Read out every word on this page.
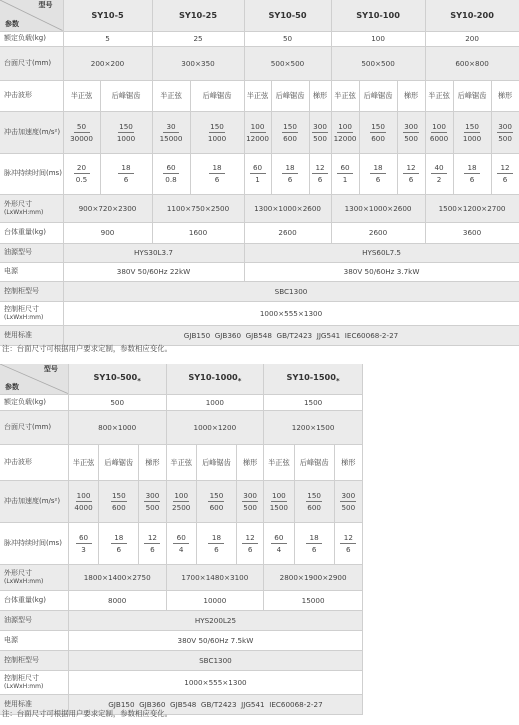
型号
参数	SY10-5		SY10-25		SY10-50			SY10-100			SY10-200		
额定负载(kg)	5		25		50			100			200		
台面尺寸(mm)	200×200		300×350		500×500			500×500			600×800		
冲击波形	半正弦	后峰锯齿	半正弦	后峰锯齿	半正弦	后峰锯齿	梯形	半正弦	后峰锯齿	梯形	半正弦	后峰锯齿	梯形
冲击加速度(m/s²)	$\frac{50}{30000}$	$\frac{150}{1000}$	$\frac{30}{15000}$	$\frac{150}{1000}$	$\frac{100}{12000}$	$\frac{150}{600}$	$\frac{300}{500}$	$\frac{100}{12000}$	$\frac{150}{600}$	$\frac{300}{500}$	$\frac{100}{6000}$	$\frac{150}{1000}$	$\frac{300}{500}$
脉冲持续时间(ms)	$\frac{20}{0.5}$	$\frac{18}{6}$	$\frac{60}{0.8}$	$\frac{18}{6}$	$\frac{60}{1}$	$\frac{18}{6}$	$\frac{12}{6}$	$\frac{60}{1}$	$\frac{18}{6}$	$\frac{12}{6}$	$\frac{40}{2}$	$\frac{18}{6}$	$\frac{12}{6}$
外形尺寸
(LxWxH:mm)	900×720×2300		1100×750×2500		1300×1000×2600			1300×1000×2600			1500×1200×2700		
台体重量(kg)	900		1600		2600			2600			3600		
油源型号	HYS30L3.7				HYS60L7.5								
电源	380V 50/60Hz 22kW				380V 50/60Hz 3.7kW								
控制柜型号	SBC1300												
控制柜尺寸
(LxWxH:mm)	1000×555×1300												
使用标准	GJB150  GJB360  GJB548  GB/T2423  JJG541  IEC60068-2-27												
注：台面尺寸可根据用户要求定制，参数相应变化。
型号
参数	SY10-500*			SY10-1000*			SY10-1500*		
额定负载(kg)	500			1000			1500		
台面尺寸(mm)	800×1000			1000×1200			1200×1500		
冲击波形	半正弦	后峰锯齿	梯形	半正弦	后峰锯齿	梯形	半正弦	后峰锯齿	梯形
冲击加速度(m/s²)	$\frac{100}{4000}$	$\frac{150}{600}$	$\frac{300}{500}$	$\frac{100}{2500}$	$\frac{150}{600}$	$\frac{300}{500}$	$\frac{100}{1500}$	$\frac{150}{600}$	$\frac{300}{500}$
脉冲持续时间(ms)	$\frac{60}{3}$	$\frac{18}{6}$	$\frac{12}{6}$	$\frac{60}{4}$	$\frac{18}{6}$	$\frac{12}{6}$	$\frac{60}{4}$	$\frac{18}{6}$	$\frac{12}{6}$
外形尺寸
(LxWxH:mm)	1800×1400×2750			1700×1480×3100			2800×1900×2900		
台体重量(kg)	8000			10000			15000		
油源型号	HYS200L25								
电源	380V 50/60Hz 7.5kW								
控制柜型号	SBC1300								
控制柜尺寸
(LxWxH:mm)	1000×555×1300								
使用标准	GJB150  GJB360  GJB548  GB/T2423  JJG541  IEC60068-2-27								
注：台面尺寸可根据用户要求定制，参数相应变化。
